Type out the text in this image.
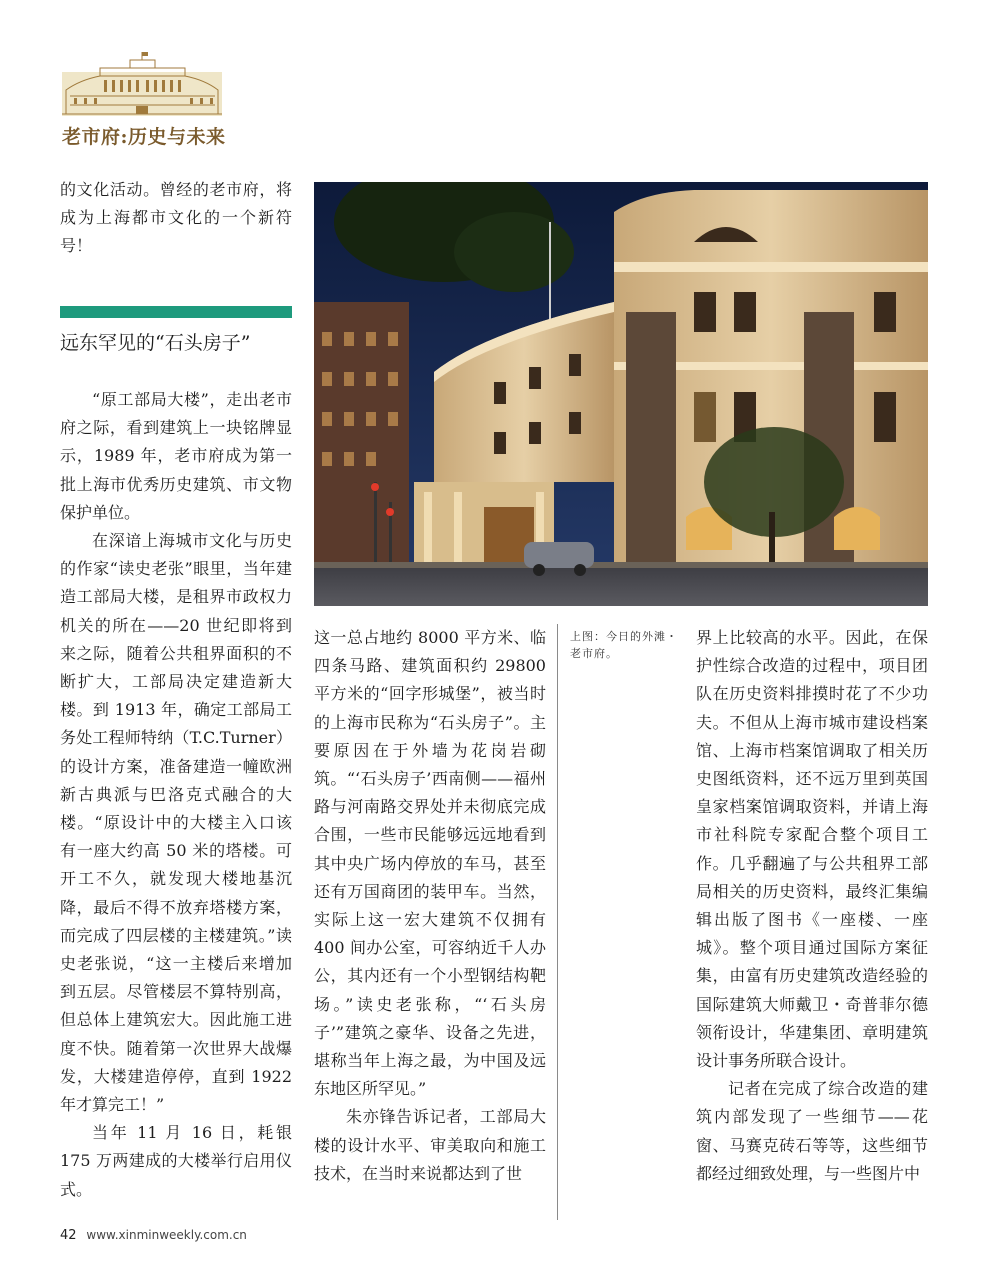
老市府:历史与未来
的文化活动。曾经的老市府，将成为上海都市文化的一个新符号！
远东罕见的“石头房子”

“原工部局大楼”，走出老市府之际，看到建筑上一块铭牌显示，1989 年，老市府成为第一批上海市优秀历史建筑、市文物保护单位。

在深谙上海城市文化与历史的作家“读史老张”眼里，当年建造工部局大楼，是租界市政权力机关的所在——20 世纪即将到来之际，随着公共租界面积的不断扩大，工部局决定建造新大楼。到 1913 年，确定工部局工务处工程师特纳（T.C.Turner）的设计方案，准备建造一幢欧洲新古典派与巴洛克式融合的大楼。“原设计中的大楼主入口该有一座大约高 50 米的塔楼。可开工不久，就发现大楼地基沉降，最后不得不放弃塔楼方案，而完成了四层楼的主楼建筑。”读史老张说，“这一主楼后来增加到五层。尽管楼层不算特别高，但总体上建筑宏大。因此施工进度不快。随着第一次世界大战爆发，大楼建造停停，直到 1922 年才算完工！”

当年 11 月 16 日，耗银 175 万两建成的大楼举行启用仪式。

这一总占地约 8000 平方米、临四条马路、建筑面积约 29800 平方米的“回字形城堡”，被当时的上海市民称为“石头房子”。主要原因在于外墙为花岗岩砌筑。“‘石头房子’西南侧——福州路与河南路交界处并未彻底完成合围，一些市民能够远远地看到其中央广场内停放的车马，甚至还有万国商团的装甲车。当然，实际上这一宏大建筑不仅拥有 400 间办公室，可容纳近千人办公，其内还有一个小型钢结构靶场。”读史老张称，“‘石头房子’”建筑之豪华、设备之先进，堪称当年上海之最，为中国及远东地区所罕见。”

朱亦锋告诉记者，工部局大楼的设计水平、审美取向和施工技术，在当时来说都达到了世

上图：今日的外滩・老市府。

界上比较高的水平。因此，在保护性综合改造的过程中，项目团队在历史资料排摸时花了不少功夫。不但从上海市城市建设档案馆、上海市档案馆调取了相关历史图纸资料，还不远万里到英国皇家档案馆调取资料，并请上海市社科院专家配合整个项目工作。几乎翻遍了与公共租界工部局相关的历史资料，最终汇集编辑出版了图书《一座楼、一座城》。整个项目通过国际方案征集，由富有历史建筑改造经验的国际建筑大师戴卫・奇普菲尔德领衔设计，华建集团、章明建筑设计事务所联合设计。

记者在完成了综合改造的建筑内部发现了一些细节——花窗、马赛克砖石等等，这些细节都经过细致处理，与一些图片中

42 www.xinminweekly.com.cn
